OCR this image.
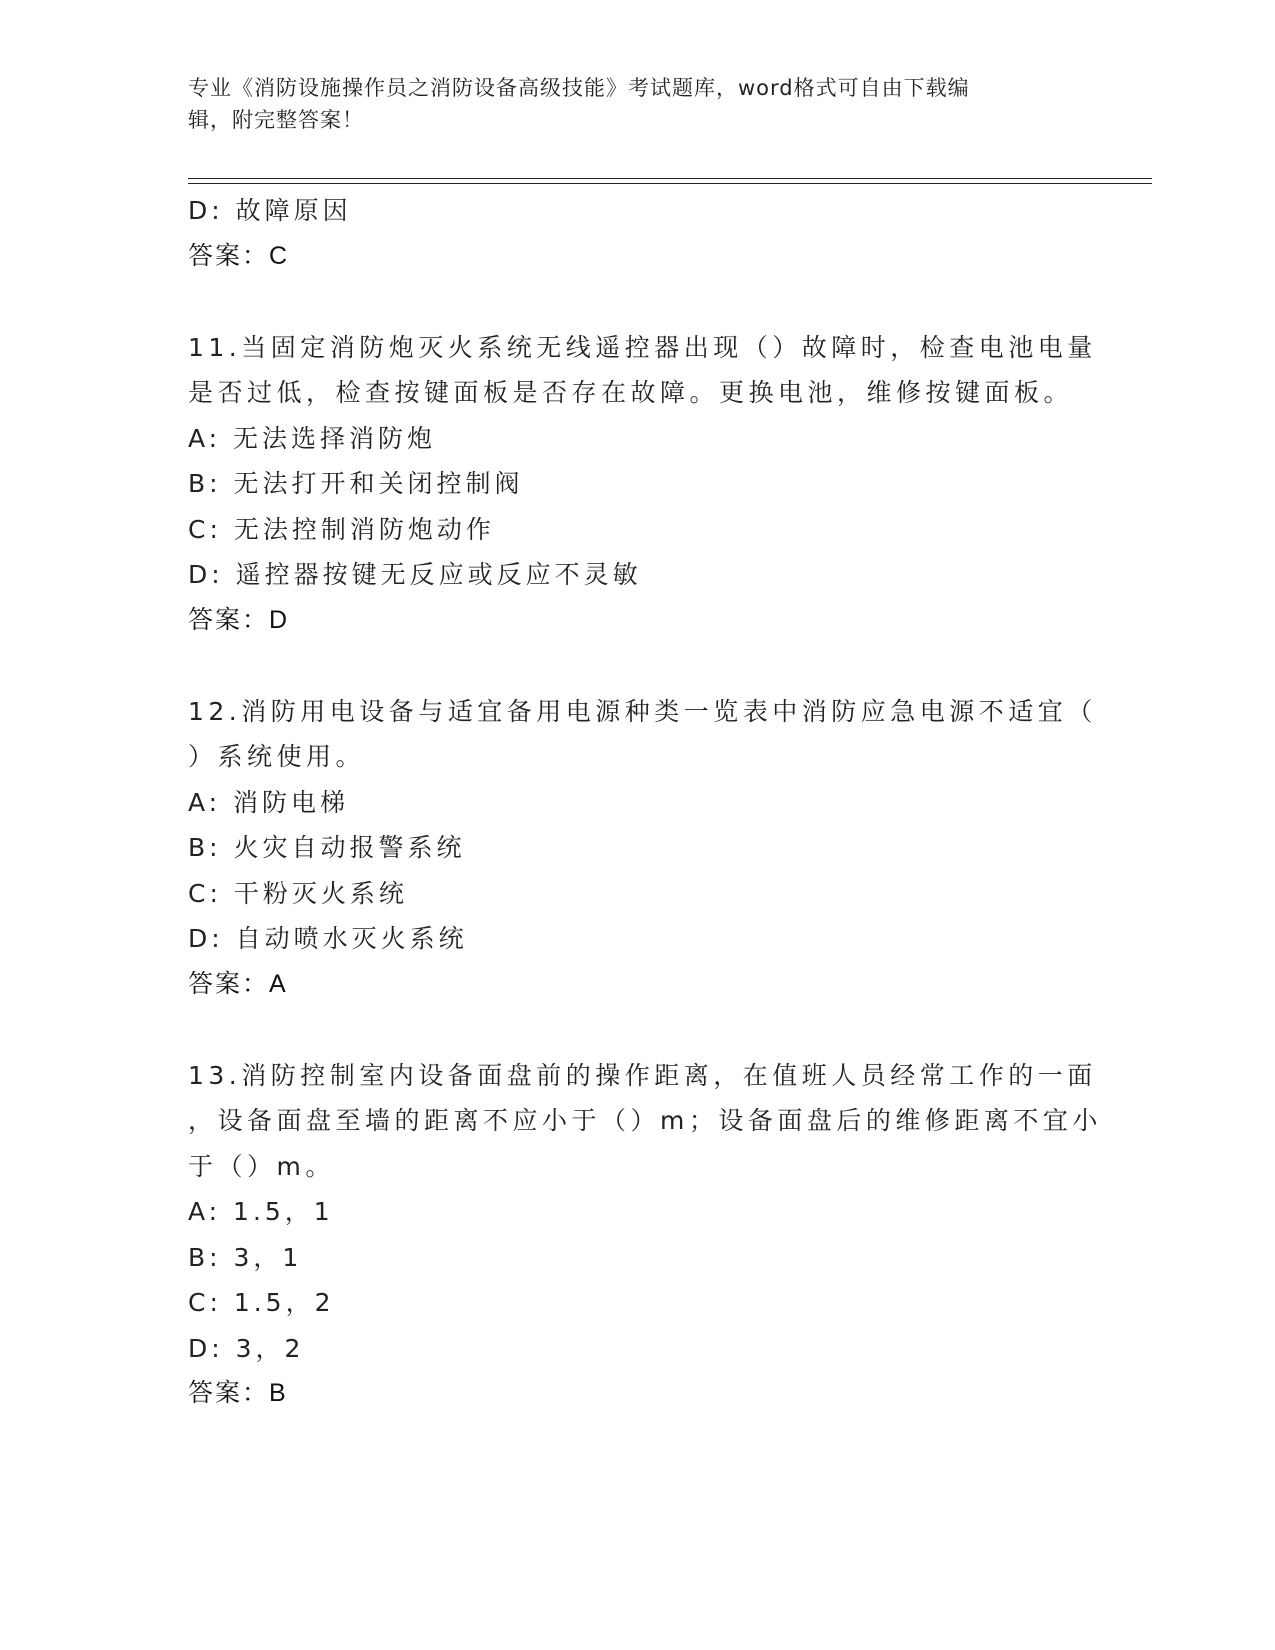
专业《消防设施操作员之消防设备高级技能》考试题库，word格式可自由下载编
辑，附完整答案！
D: 故障原因
答案：C
11.当固定消防炮灭火系统无线遥控器出现（）故障时，检查电池电量
是否过低，检查按键面板是否存在故障。更换电池，维修按键面板。
A: 无法选择消防炮
B: 无法打开和关闭控制阀
C: 无法控制消防炮动作
D: 遥控器按键无反应或反应不灵敏
答案：D
12.消防用电设备与适宜备用电源种类一览表中消防应急电源不适宜（
）系统使用。
A: 消防电梯
B: 火灾自动报警系统
C: 干粉灭火系统
D: 自动喷水灭火系统
答案：A
13.消防控制室内设备面盘前的操作距离，在值班人员经常工作的一面
，设备面盘至墙的距离不应小于（）m；设备面盘后的维修距离不宜小
于（）m。
A: 1.5，1
B: 3，1
C: 1.5，2
D: 3，2
答案：B
